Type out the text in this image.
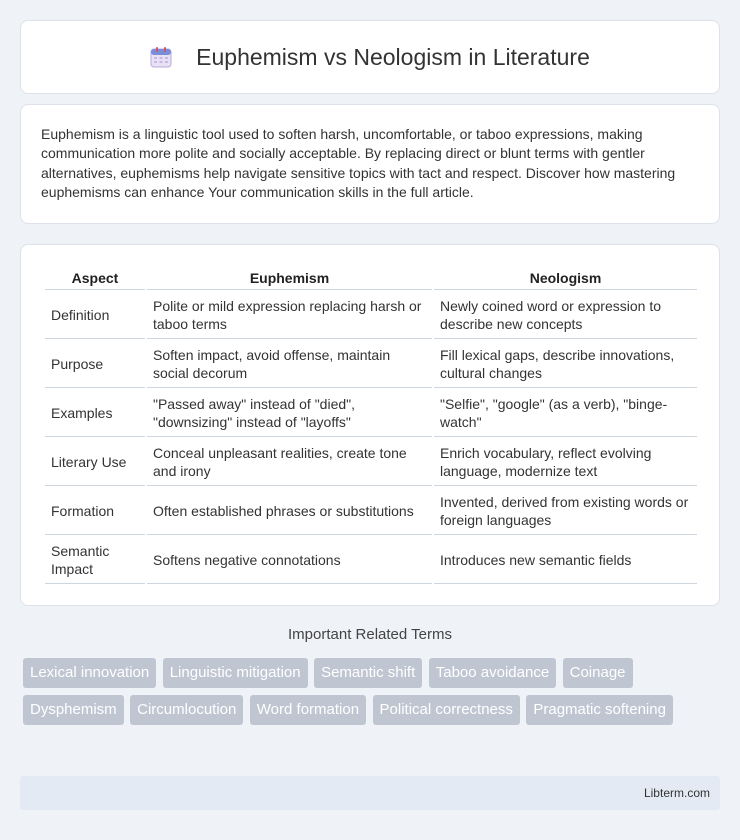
Euphemism vs Neologism in Literature

Euphemism is a linguistic tool used to soften harsh, uncomfortable, or taboo expressions, making communication more polite and socially acceptable. By replacing direct or blunt terms with gentler alternatives, euphemisms help navigate sensitive topics with tact and respect. Discover how mastering euphemisms can enhance Your communication skills in the full article.

Aspect	Euphemism	Neologism
Definition	Polite or mild expression replacing harsh or taboo terms	Newly coined word or expression to describe new concepts
Purpose	Soften impact, avoid offense, maintain social decorum	Fill lexical gaps, describe innovations, cultural changes
Examples	"Passed away" instead of "died", "downsizing" instead of "layoffs"	"Selfie", "google" (as a verb), "binge-watch"
Literary Use	Conceal unpleasant realities, create tone and irony	Enrich vocabulary, reflect evolving language, modernize text
Formation	Often established phrases or substitutions	Invented, derived from existing words or foreign languages
Semantic Impact	Softens negative connotations	Introduces new semantic fields
Important Related Terms
Lexical innovation Linguistic mitigation Semantic shift Taboo avoidance Coinage Dysphemism Circumlocution Word formation Political correctness Pragmatic softening
Libterm.com
